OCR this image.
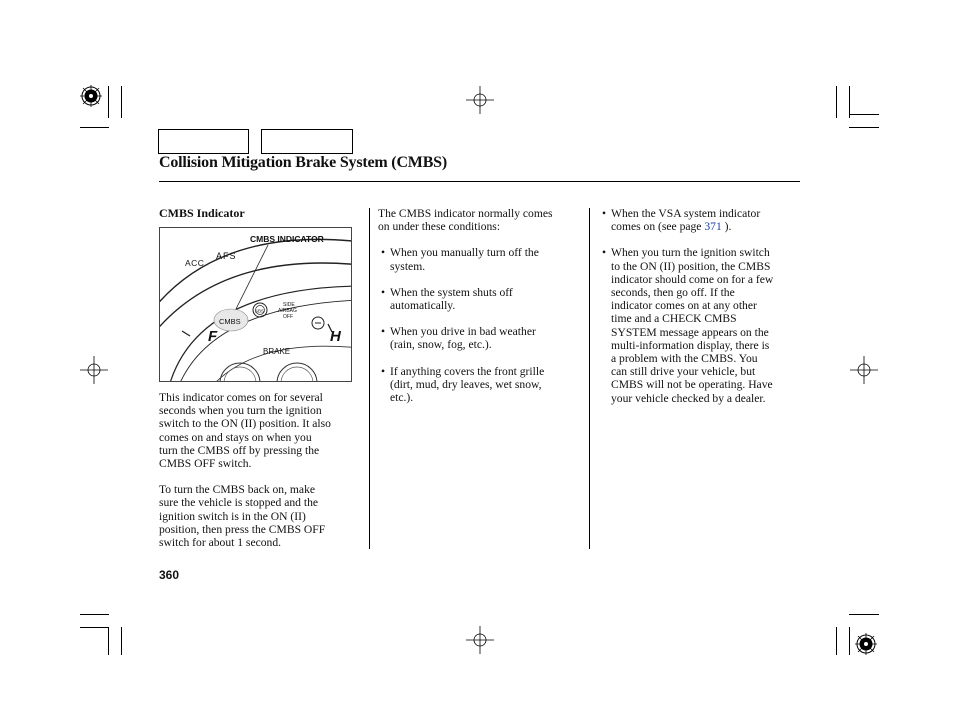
Collision Mitigation Brake System (CMBS)

CMBS Indicator

CMBS INDICATOR
ACC
AFS
CMBS
ABS
SIDE
AIRBAG
OFF
F	H
BRAKE

This indicator comes on for several
seconds when you turn the ignition
switch to the ON (II) position. It also
comes on and stays on when you
turn the CMBS off by pressing the
CMBS OFF switch.

To turn the CMBS back on, make
sure the vehicle is stopped and the
ignition switch is in the ON (II)
position, then press the CMBS OFF
switch for about 1 second.

The CMBS indicator normally comes
on under these conditions:

• When you manually turn off the
system.

• When the system shuts off
automatically.

• When you drive in bad weather
(rain, snow, fog, etc.).

• If anything covers the front grille
(dirt, mud, dry leaves, wet snow,
etc.).

• When the VSA system indicator
comes on (see page 371 ).

• When you turn the ignition switch
to the ON (II) position, the CMBS
indicator should come on for a few
seconds, then go off. If the
indicator comes on at any other
time and a CHECK CMBS
SYSTEM message appears on the
multi-information display, there is
a problem with the CMBS. You
can still drive your vehicle, but
CMBS will not be operating. Have
your vehicle checked by a dealer.

360
